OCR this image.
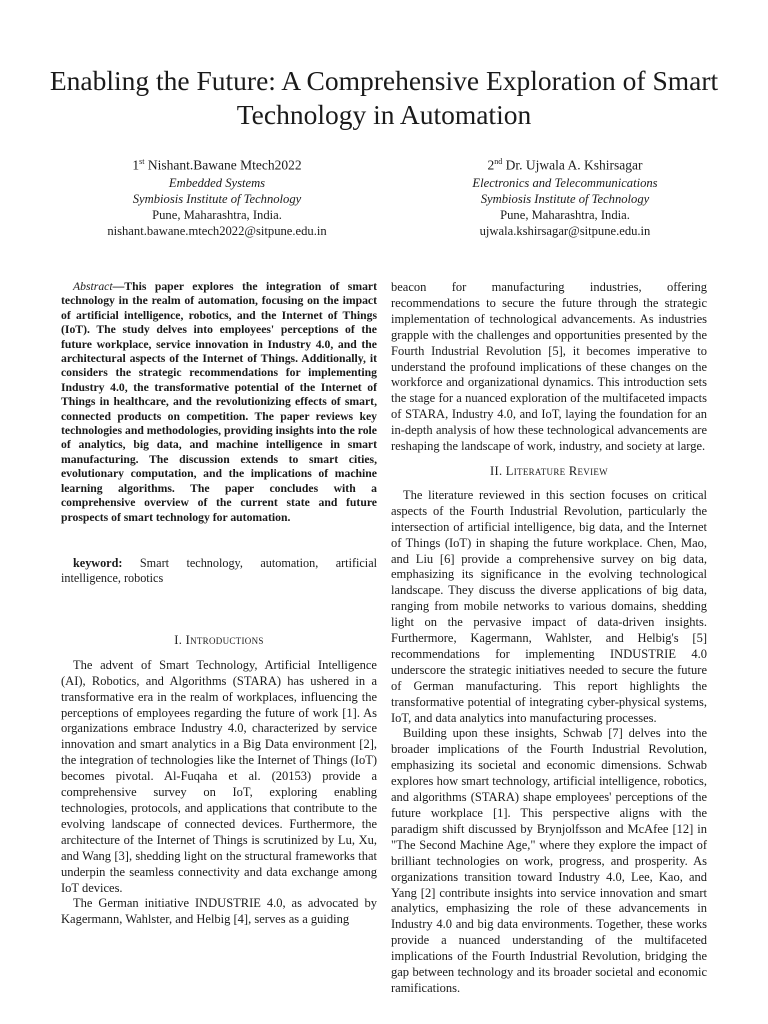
Enabling the Future: A Comprehensive Exploration of Smart Technology in Automation
1st Nishant.Bawane Mtech2022
Embedded Systems
Symbiosis Institute of Technology
Pune, Maharashtra, India.
nishant.bawane.mtech2022@sitpune.edu.in
2nd Dr. Ujwala A. Kshirsagar
Electronics and Telecommunications
Symbiosis Institute of Technology
Pune, Maharashtra, India.
ujwala.kshirsagar@sitpune.edu.in

Abstract—This paper explores the integration of smart technology in the realm of automation, focusing on the impact of artificial intelligence, robotics, and the Internet of Things (IoT). The study delves into employees' perceptions of the future workplace, service innovation in Industry 4.0, and the architectural aspects of the Internet of Things. Additionally, it considers the strategic recommendations for implementing Industry 4.0, the transformative potential of the Internet of Things in healthcare, and the revolutionizing effects of smart, connected products on competition. The paper reviews key technologies and methodologies, providing insights into the role of analytics, big data, and machine intelligence in smart manufacturing. The discussion extends to smart cities, evolutionary computation, and the implications of machine learning algorithms. The paper concludes with a comprehensive overview of the current state and future prospects of smart technology for automation.

keyword: Smart technology, automation, artificial intelligence, robotics

I. Introductions

The advent of Smart Technology, Artificial Intelligence (AI), Robotics, and Algorithms (STARA) has ushered in a transformative era in the realm of workplaces, influencing the perceptions of employees regarding the future of work [1]. As organizations embrace Industry 4.0, characterized by service innovation and smart analytics in a Big Data environment [2], the integration of technologies like the Internet of Things (IoT) becomes pivotal. Al-Fuqaha et al. (20153) provide a comprehensive survey on IoT, exploring enabling technologies, protocols, and applications that contribute to the evolving landscape of connected devices. Furthermore, the architecture of the Internet of Things is scrutinized by Lu, Xu, and Wang [3], shedding light on the structural frameworks that underpin the seamless connectivity and data exchange among IoT devices.

The German initiative INDUSTRIE 4.0, as advocated by Kagermann, Wahlster, and Helbig [4], serves as a guiding

beacon for manufacturing industries, offering recommendations to secure the future through the strategic implementation of technological advancements. As industries grapple with the challenges and opportunities presented by the Fourth Industrial Revolution [5], it becomes imperative to understand the profound implications of these changes on the workforce and organizational dynamics. This introduction sets the stage for a nuanced exploration of the multifaceted impacts of STARA, Industry 4.0, and IoT, laying the foundation for an in-depth analysis of how these technological advancements are reshaping the landscape of work, industry, and society at large.

II. Literature Review

The literature reviewed in this section focuses on critical aspects of the Fourth Industrial Revolution, particularly the intersection of artificial intelligence, big data, and the Internet of Things (IoT) in shaping the future workplace. Chen, Mao, and Liu [6] provide a comprehensive survey on big data, emphasizing its significance in the evolving technological landscape. They discuss the diverse applications of big data, ranging from mobile networks to various domains, shedding light on the pervasive impact of data-driven insights. Furthermore, Kagermann, Wahlster, and Helbig's [5] recommendations for implementing INDUSTRIE 4.0 underscore the strategic initiatives needed to secure the future of German manufacturing. This report highlights the transformative potential of integrating cyber-physical systems, IoT, and data analytics into manufacturing processes.

Building upon these insights, Schwab [7] delves into the broader implications of the Fourth Industrial Revolution, emphasizing its societal and economic dimensions. Schwab explores how smart technology, artificial intelligence, robotics, and algorithms (STARA) shape employees' perceptions of the future workplace [1]. This perspective aligns with the paradigm shift discussed by Brynjolfsson and McAfee [12] in "The Second Machine Age," where they explore the impact of brilliant technologies on work, progress, and prosperity. As organizations transition toward Industry 4.0, Lee, Kao, and Yang [2] contribute insights into service innovation and smart analytics, emphasizing the role of these advancements in Industry 4.0 and big data environments. Together, these works provide a nuanced understanding of the multifaceted implications of the Fourth Industrial Revolution, bridging the gap between technology and its broader societal and economic ramifications.
